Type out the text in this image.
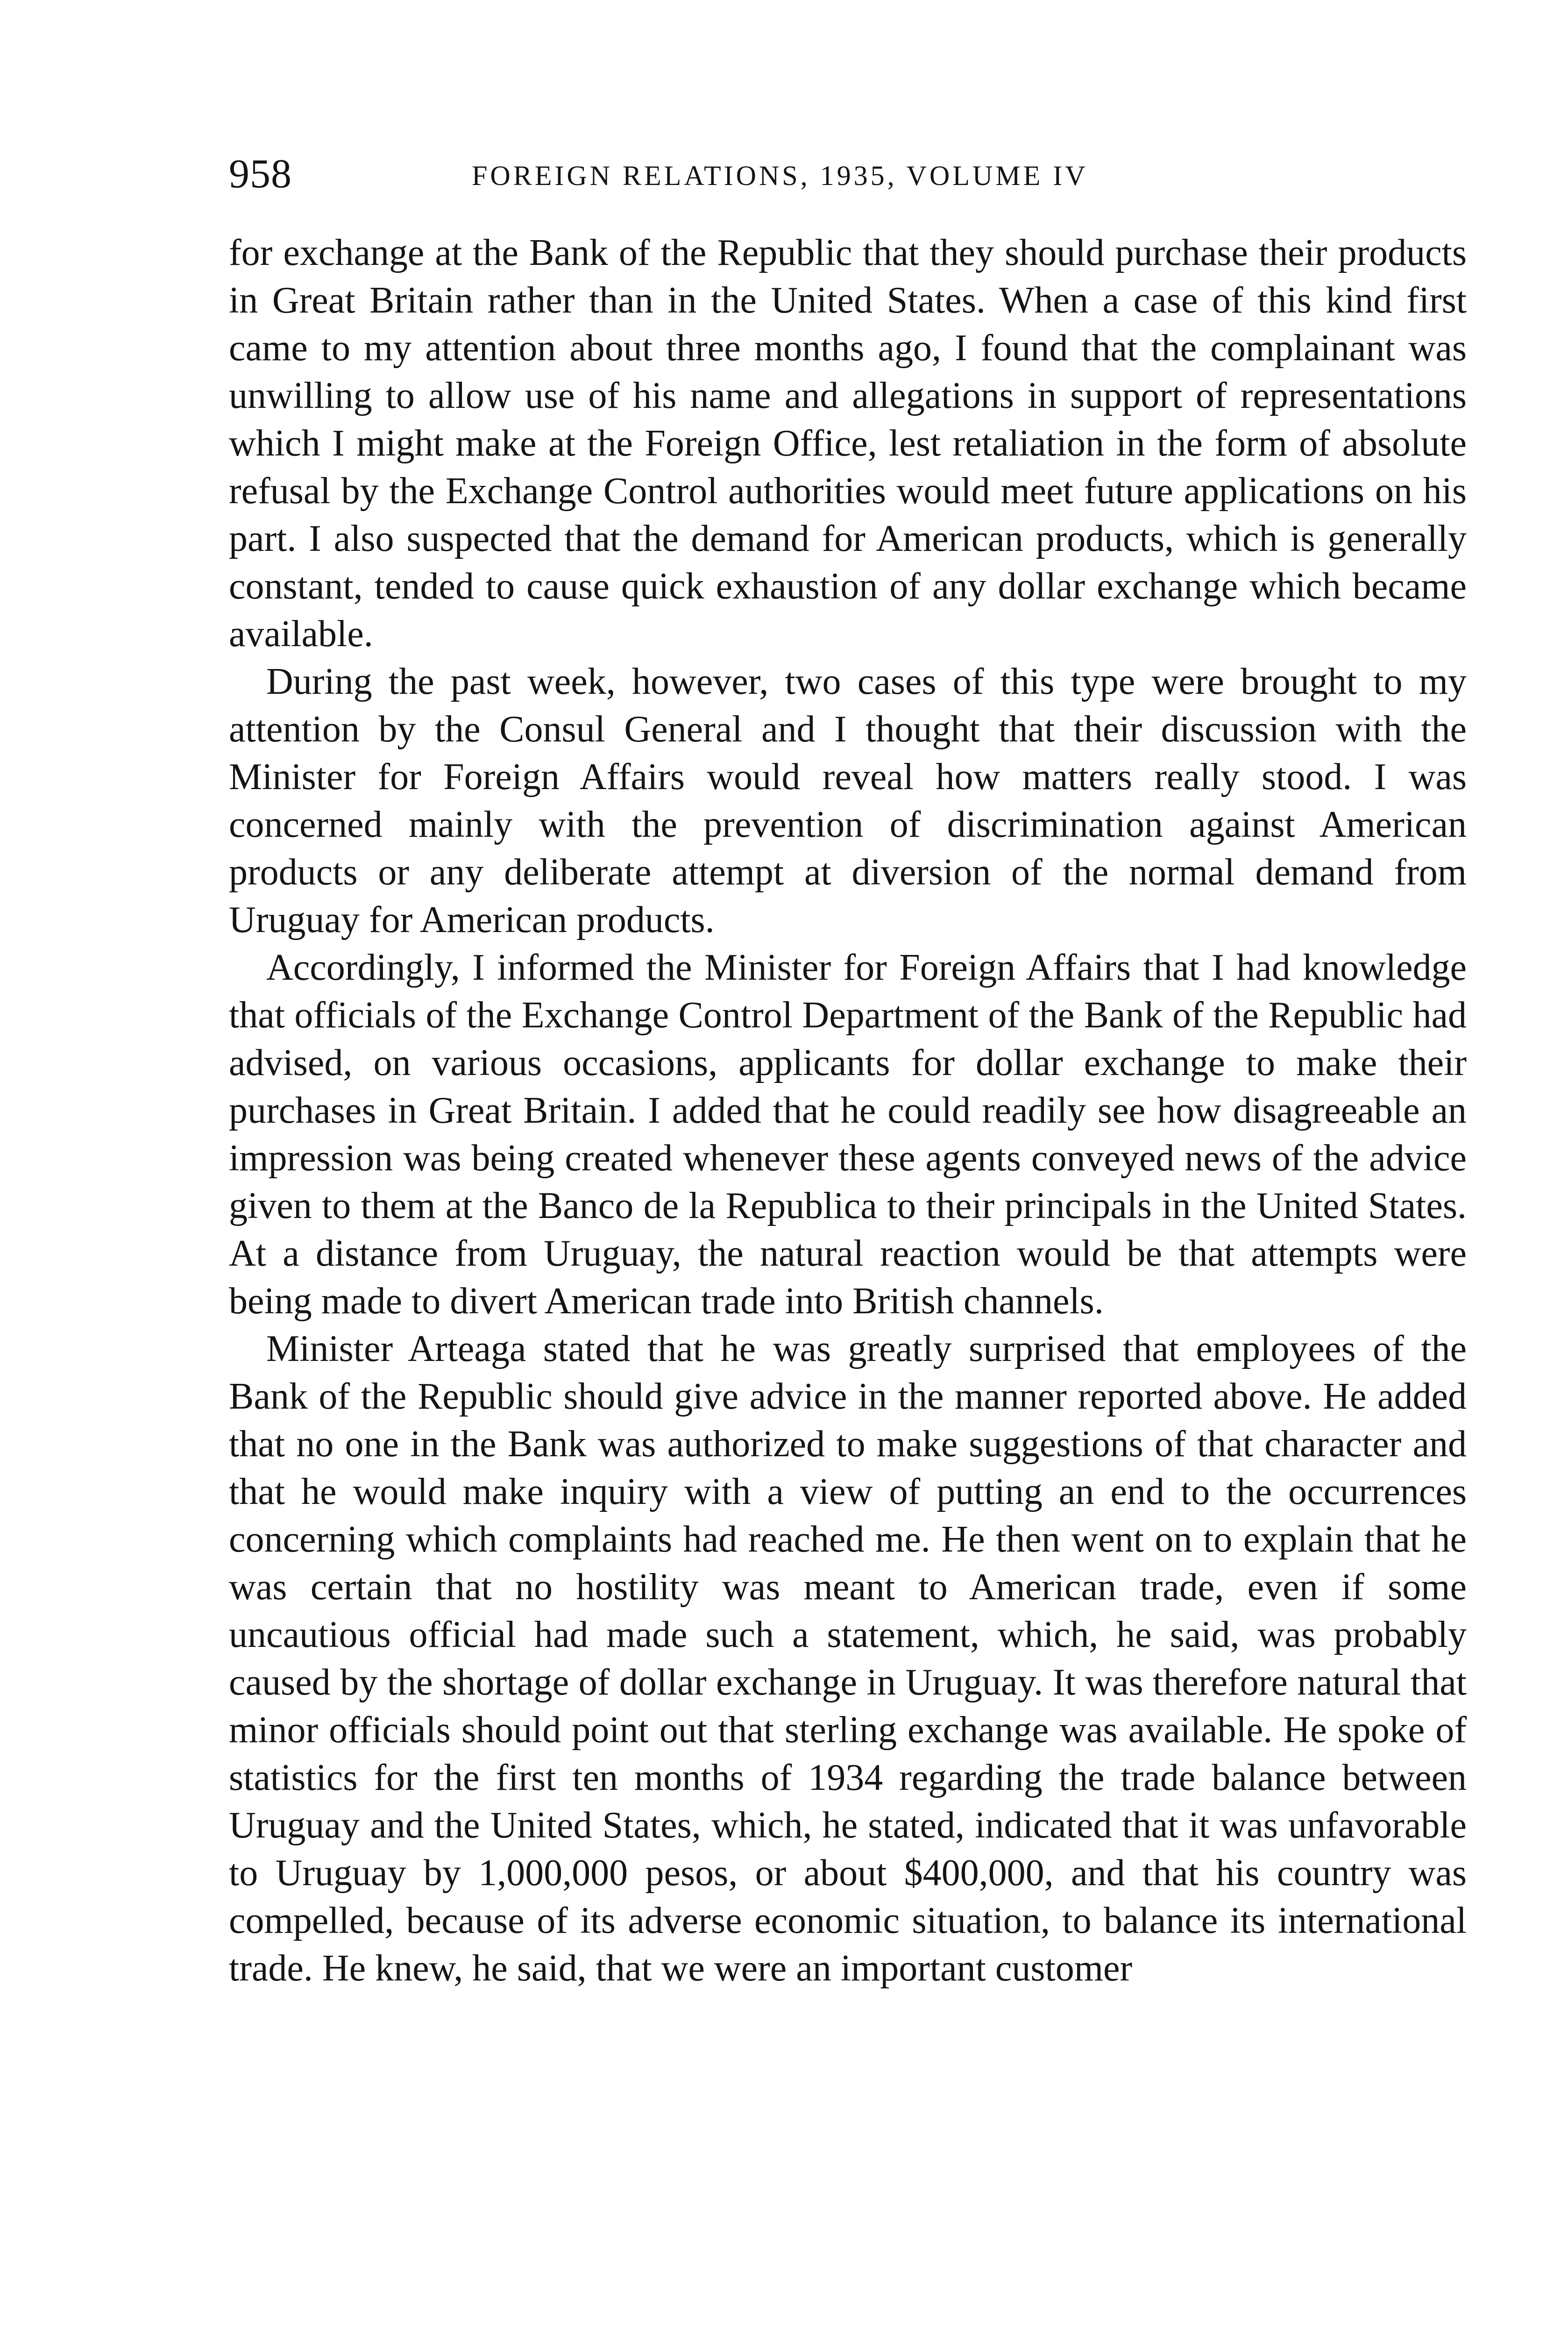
958	FOREIGN RELATIONS, 1935, VOLUME IV

for exchange at the Bank of the Republic that they should purchase their products in Great Britain rather than in the United States. When a case of this kind first came to my attention about three months ago, I found that the complainant was unwilling to allow use of his name and allegations in support of representations which I might make at the Foreign Office, lest retaliation in the form of absolute refusal by the Exchange Control authorities would meet future applications on his part. I also suspected that the demand for American products, which is generally constant, tended to cause quick exhaustion of any dollar exchange which became available.

During the past week, however, two cases of this type were brought to my attention by the Consul General and I thought that their discussion with the Minister for Foreign Affairs would reveal how matters really stood. I was concerned mainly with the prevention of discrimination against American products or any deliberate attempt at diversion of the normal demand from Uruguay for American products.

Accordingly, I informed the Minister for Foreign Affairs that I had knowledge that officials of the Exchange Control Department of the Bank of the Republic had advised, on various occasions, applicants for dollar exchange to make their purchases in Great Britain. I added that he could readily see how disagreeable an impression was being created whenever these agents conveyed news of the advice given to them at the Banco de la Republica to their principals in the United States. At a distance from Uruguay, the natural reaction would be that attempts were being made to divert American trade into British channels.

Minister Arteaga stated that he was greatly surprised that employees of the Bank of the Republic should give advice in the manner reported above. He added that no one in the Bank was authorized to make suggestions of that character and that he would make inquiry with a view of putting an end to the occurrences concerning which complaints had reached me. He then went on to explain that he was certain that no hostility was meant to American trade, even if some uncautious official had made such a statement, which, he said, was probably caused by the shortage of dollar exchange in Uruguay. It was therefore natural that minor officials should point out that sterling exchange was available. He spoke of statistics for the first ten months of 1934 regarding the trade balance between Uruguay and the United States, which, he stated, indicated that it was unfavorable to Uruguay by 1,000,000 pesos, or about $400,000, and that his country was compelled, because of its adverse economic situation, to balance its international trade. He knew, he said, that we were an important customer
